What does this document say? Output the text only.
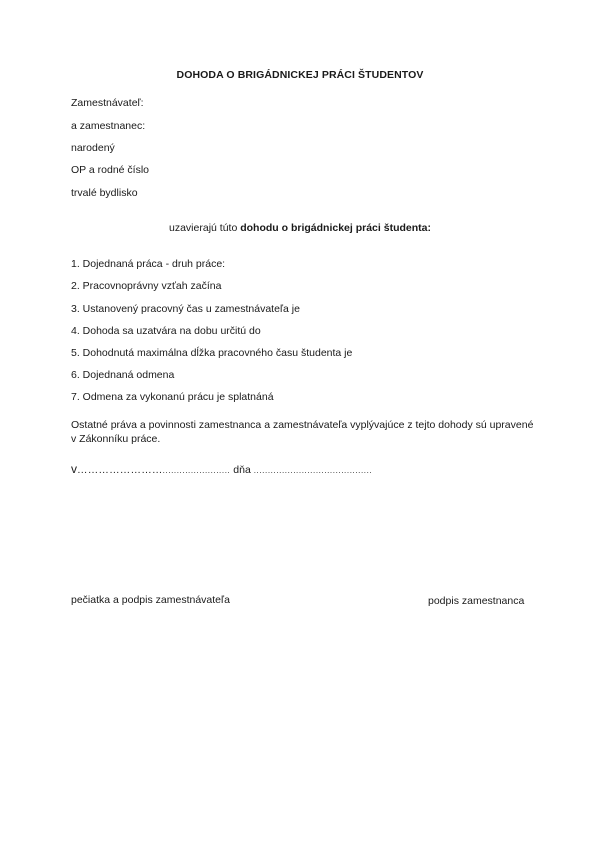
DOHODA O BRIGÁDNICKEJ PRÁCI ŠTUDENTOV
Zamestnávateľ:
a zamestnanec:
narodený
OP a rodné číslo
trvalé bydlisko
uzavierajú túto dohodu o brigádnickej práci študenta:
1. Dojednaná práca - druh práce:
2. Pracovnoprávny vzťah začína
3. Ustanovený pracovný čas u zamestnávateľa je
4. Dohoda sa uzatvára na dobu určitú do
5. Dohodnutá maximálna dĺžka pracovného času študenta je
6. Dojednaná odmena
7. Odmena za vykonanú prácu je splatnáná
Ostatné práva a povinnosti zamestnanca a zamestnávateľa vyplývajúce z tejto dohody sú upravené v Zákonníku práce.
v……………………........................ dňa ..........................................
pečiatka a podpis zamestnávateľa	podpis zamestnanca
